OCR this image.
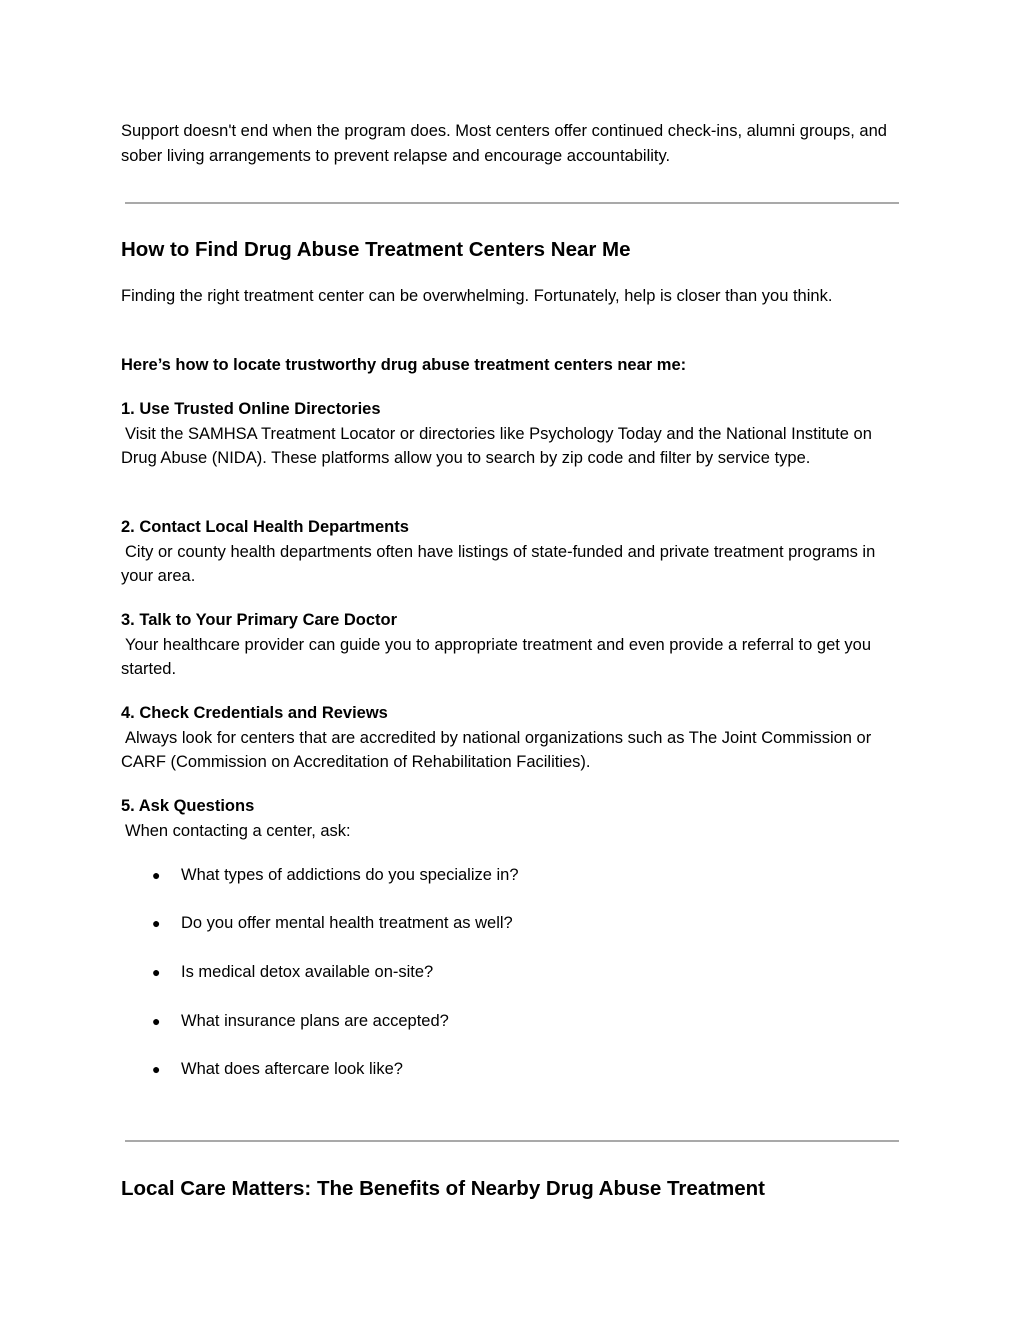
Support doesn't end when the program does. Most centers offer continued check-ins, alumni groups, and sober living arrangements to prevent relapse and encourage accountability.

How to Find Drug Abuse Treatment Centers Near Me

Finding the right treatment center can be overwhelming. Fortunately, help is closer than you think.

Here’s how to locate trustworthy drug abuse treatment centers near me:

1. Use Trusted Online Directories
Visit the SAMHSA Treatment Locator or directories like Psychology Today and the National Institute on Drug Abuse (NIDA). These platforms allow you to search by zip code and filter by service type.
2. Contact Local Health Departments
City or county health departments often have listings of state-funded and private treatment programs in your area.
3. Talk to Your Primary Care Doctor
Your healthcare provider can guide you to appropriate treatment and even provide a referral to get you started.
4. Check Credentials and Reviews
Always look for centers that are accredited by national organizations such as The Joint Commission or CARF (Commission on Accreditation of Rehabilitation Facilities).
5. Ask Questions
When contacting a center, ask:
● What types of addictions do you specialize in?
● Do you offer mental health treatment as well?
● Is medical detox available on-site?
● What insurance plans are accepted?
● What does aftercare look like?
Local Care Matters: The Benefits of Nearby Drug Abuse Treatment
